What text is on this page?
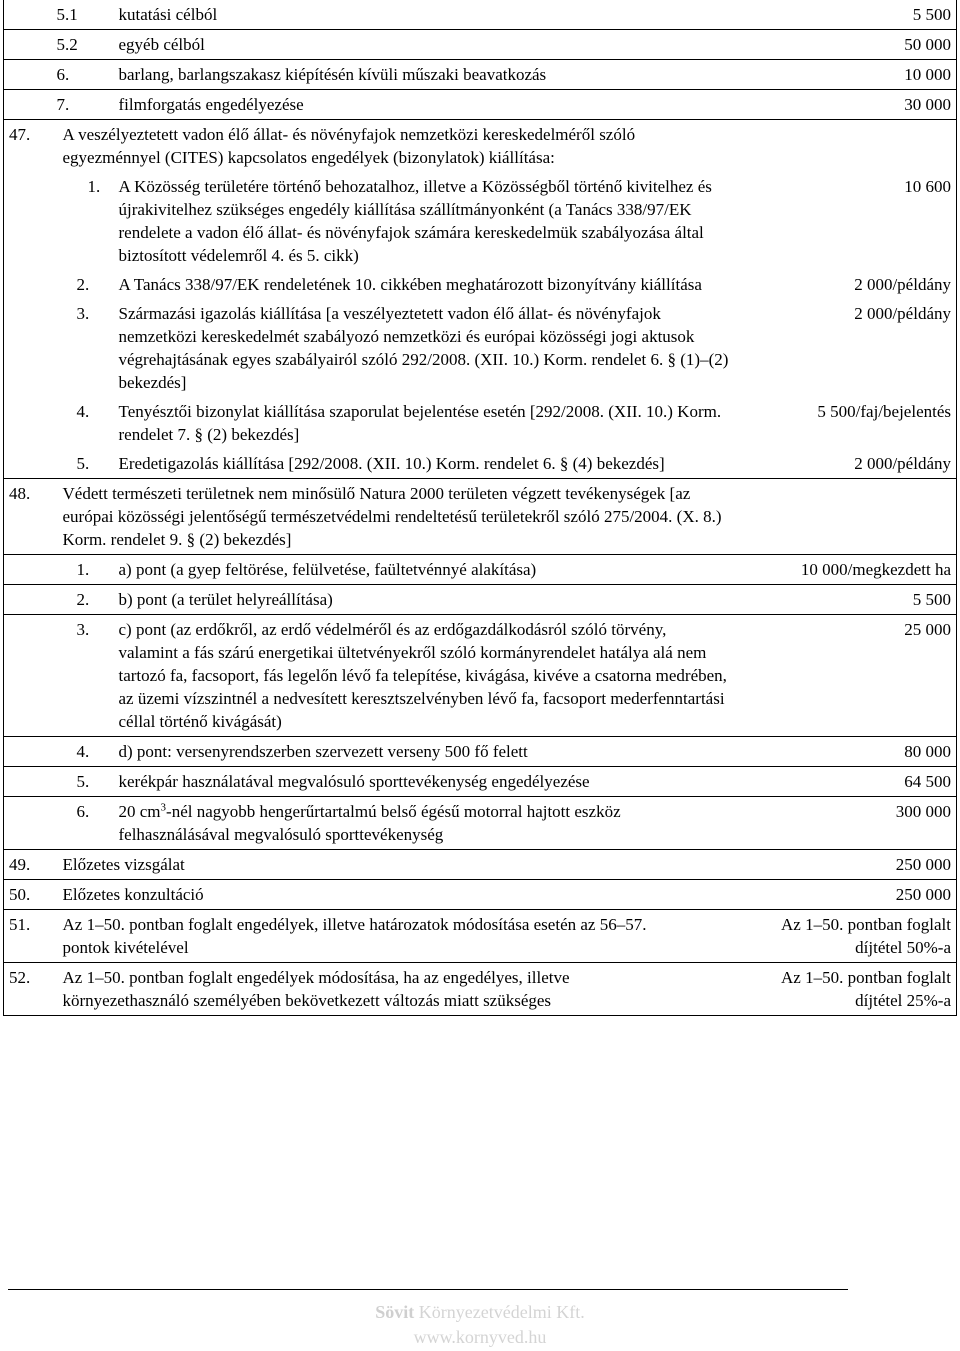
	5.1	kutatási célból	5 500
	5.2	egyéb célból	50 000
	6.	barlang, barlangszakasz kiépítésén kívüli műszaki beavatkozás	10 000
	7.	filmforgatás engedélyezése	30 000
47.	A veszélyeztetett vadon élő állat- és növényfajok nemzetközi kereskedelméről szóló egyezménnyel (CITES) kapcsolatos engedélyek (bizonylatok) kiállítása:		
	1.	A Közösség területére történő behozatalhoz, illetve a Közösségből történő kivitelhez és újrakivitelhez szükséges engedély kiállítása szállítmányonként (a Tanács 338/97/EK rendelete a vadon élő állat- és növényfajok számára kereskedelmük szabályozása által biztosított védelemről 4. és 5. cikk)	10 600
	2.	A Tanács 338/97/EK rendeletének 10. cikkében meghatározott bizonyítvány kiállítása	2 000/példány
	3.	Származási igazolás kiállítása [a veszélyeztetett vadon élő állat- és növényfajok nemzetközi kereskedelmét szabályozó nemzetközi és európai közösségi jogi aktusok végrehajtásának egyes szabályairól szóló 292/2008. (XII. 10.) Korm. rendelet 6. § (1)–(2) bekezdés]	2 000/példány
	4.	Tenyésztői bizonylat kiállítása szaporulat bejelentése esetén [292/2008. (XII. 10.) Korm. rendelet 7. § (2) bekezdés]	5 500/faj/bejelentés
	5.	Eredetigazolás kiállítása [292/2008. (XII. 10.) Korm. rendelet 6. § (4) bekezdés]	2 000/példány
48.	Védett természeti területnek nem minősülő Natura 2000 területen végzett tevékenységek [az európai közösségi jelentőségű természetvédelmi rendeltetésű területekről szóló 275/2004. (X. 8.) Korm. rendelet 9. § (2) bekezdés]		
	1.	a) pont (a gyep feltörése, felülvetése, faültetvénnyé alakítása)	10 000/megkezdett ha
	2.	b) pont (a terület helyreállítása)	5 500
	3.	c) pont (az erdőkről, az erdő védelméről és az erdőgazdálkodásról szóló törvény, valamint a fás szárú energetikai ültetvényekről szóló kormányrendelet hatálya alá nem tartozó fa, facsoport, fás legelőn lévő fa telepítése, kivágása, kivéve a csatorna medrében, az üzemi vízszintnél a nedvesített keresztszelvényben lévő fa, facsoport mederfenntartási céllal történő kivágását)	25 000
	4.	d) pont: versenyrendszerben szervezett verseny 500 fő felett	80 000
	5.	kerékpár használatával megvalósuló sporttevékenység engedélyezése	64 500
	6.	20 $cm^3$-nél nagyobb hengerűrtartalmú belső égésű motorral hajtott eszköz felhasználásával megvalósuló sporttevékenység	300 000
49.	Előzetes vizsgálat		250 000
50.	Előzetes konzultáció		250 000
51.	Az 1–50. pontban foglalt engedélyek, illetve határozatok módosítása esetén az 56–57. pontok kivételével		Az 1–50. pontban foglalt díjtétel 50%-a
52.	Az 1–50. pontban foglalt engedélyek módosítása, ha az engedélyes, illetve környezethasználó személyében bekövetkezett változás miatt szükséges		Az 1–50. pontban foglalt díjtétel 25%-a
Sövit Környezetvédelmi Kft.
www.kornyved.hu
